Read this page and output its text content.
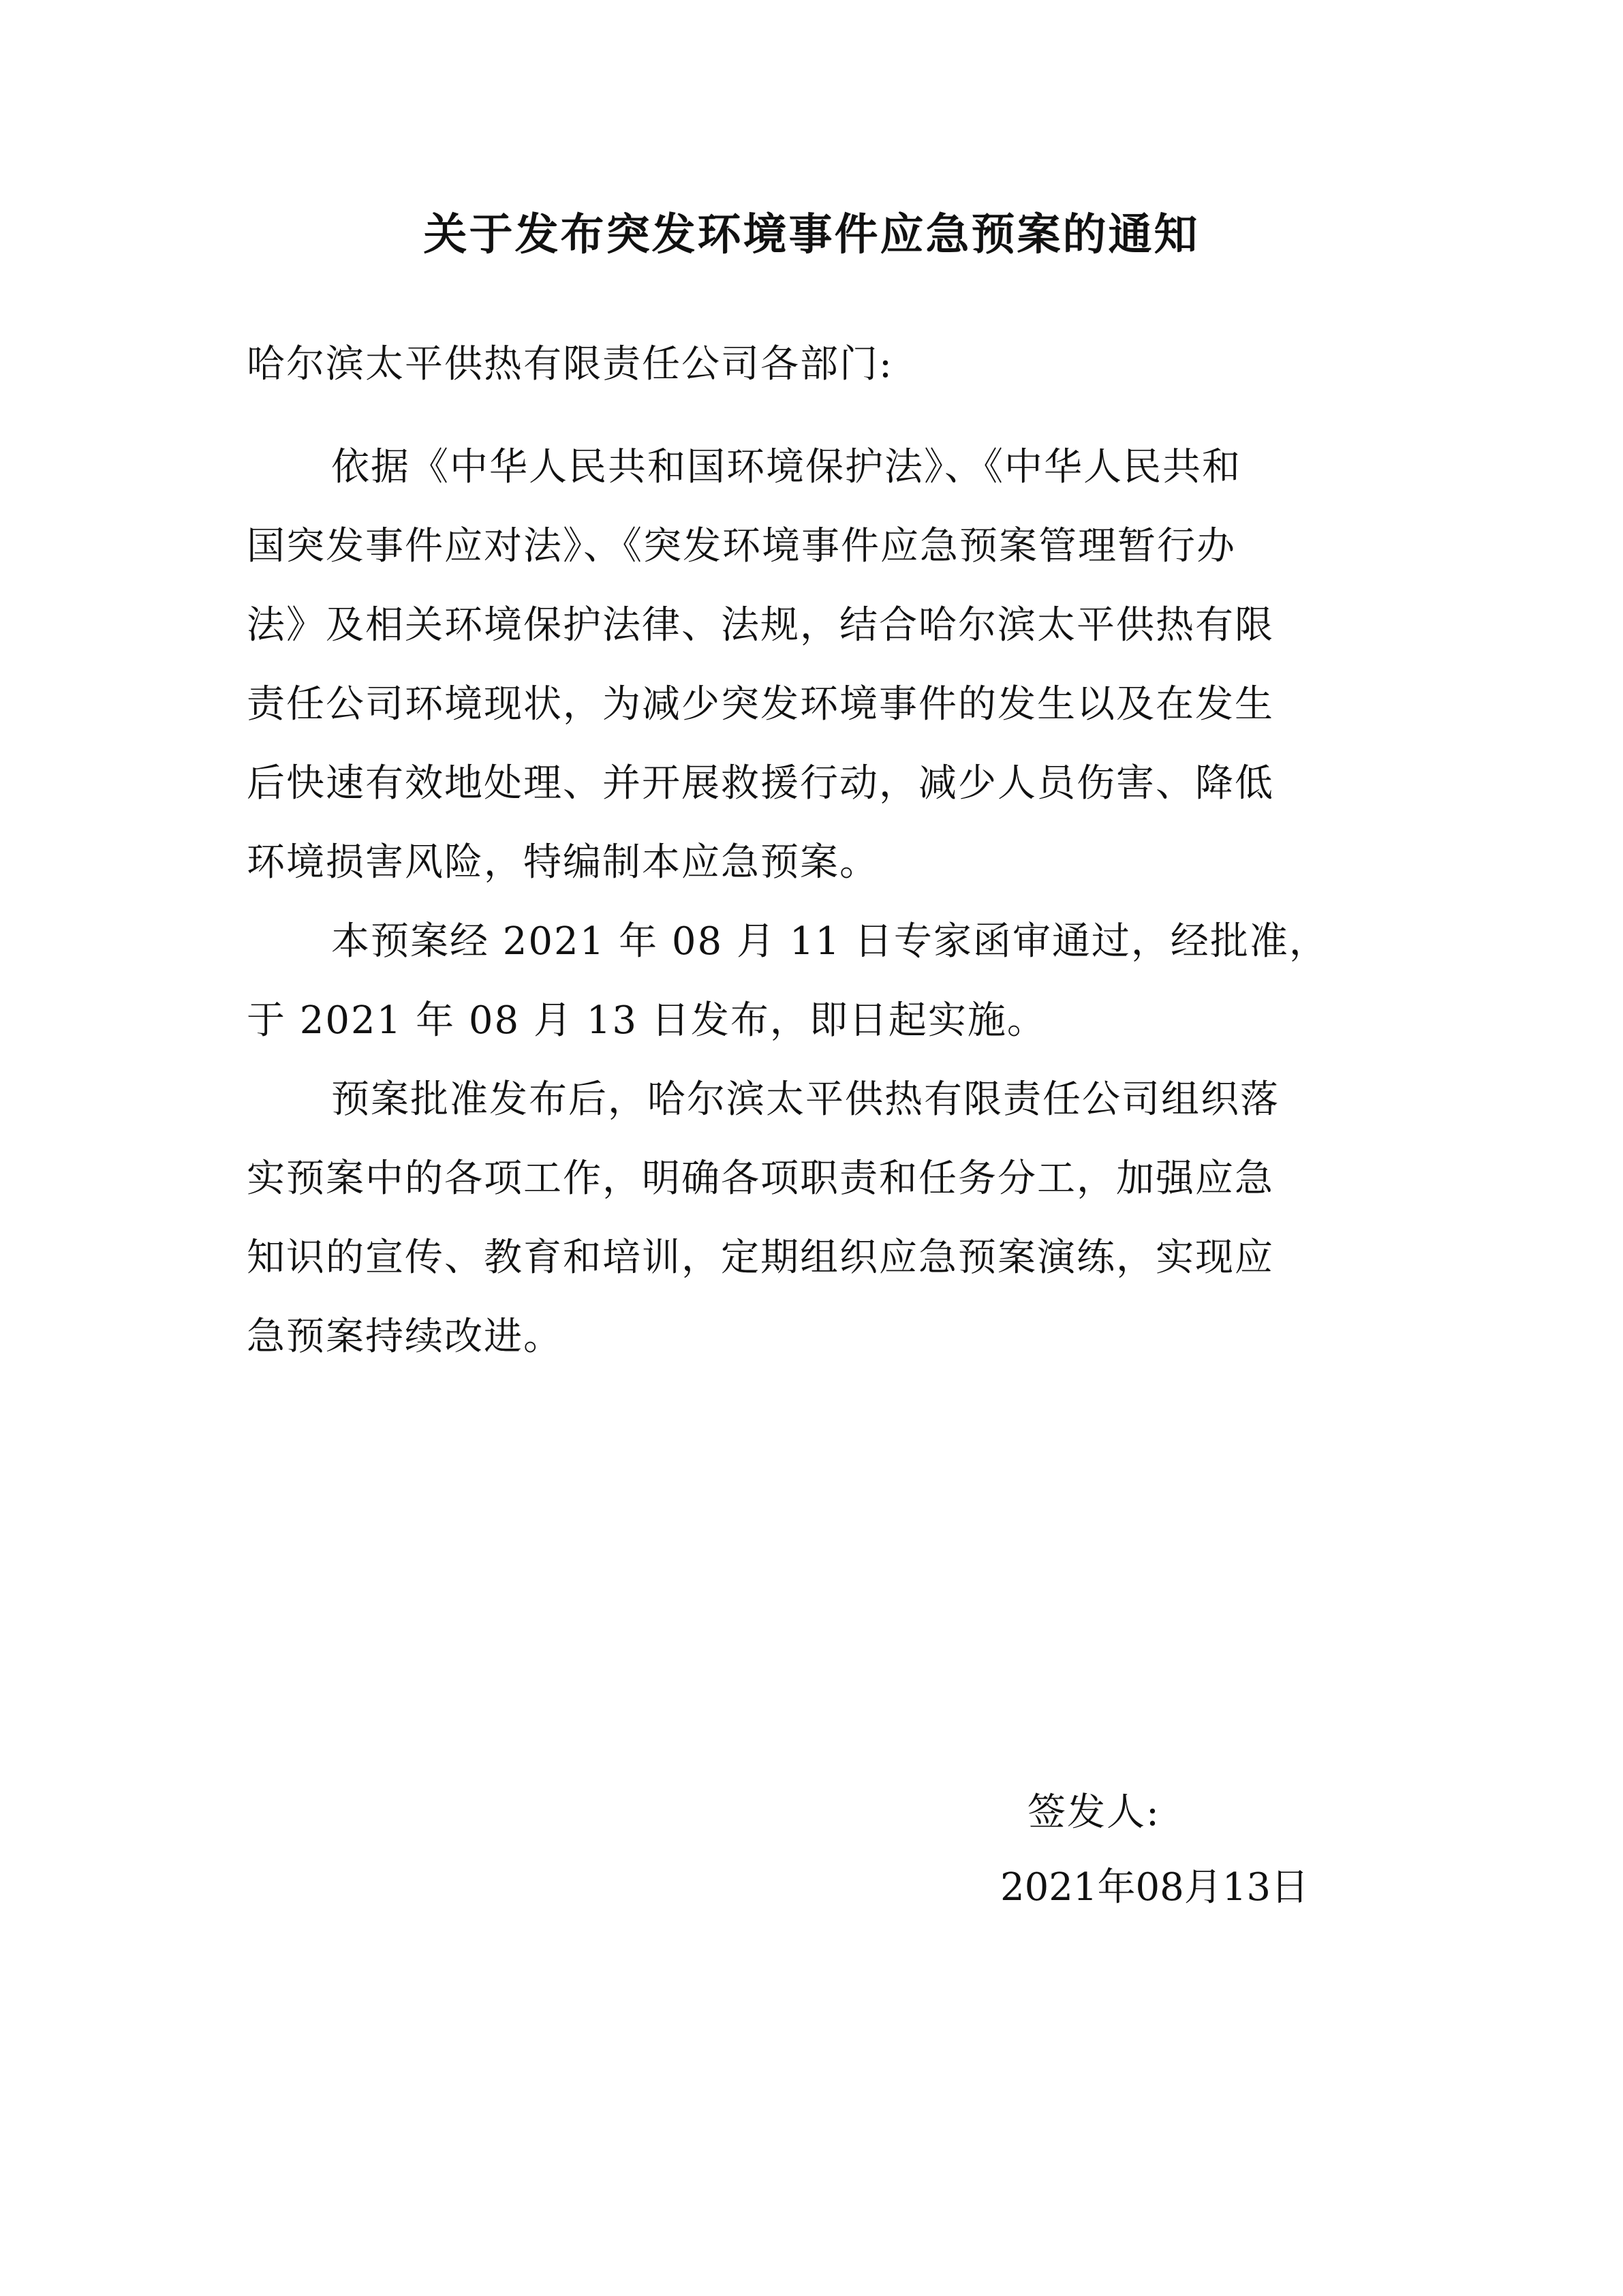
关于发布突发环境事件应急预案的通知

哈尔滨太平供热有限责任公司各部门:

依据《中华人民共和国环境保护法》、《中华人民共和
国突发事件应对法》、《突发环境事件应急预案管理暂行办
法》及相关环境保护法律、法规，结合哈尔滨太平供热有限
责任公司环境现状，为减少突发环境事件的发生以及在发生
后快速有效地处理、并开展救援行动，减少人员伤害、降低
环境损害风险，特编制本应急预案。
本预案经 2021 年 08 月 11 日专家函审通过，经批准，
于 2021 年 08 月 13 日发布，即日起实施。
预案批准发布后，哈尔滨太平供热有限责任公司组织落
实预案中的各项工作，明确各项职责和任务分工，加强应急
知识的宣传、教育和培训，定期组织应急预案演练，实现应
急预案持续改进。

签发人:

2021年08月13日
